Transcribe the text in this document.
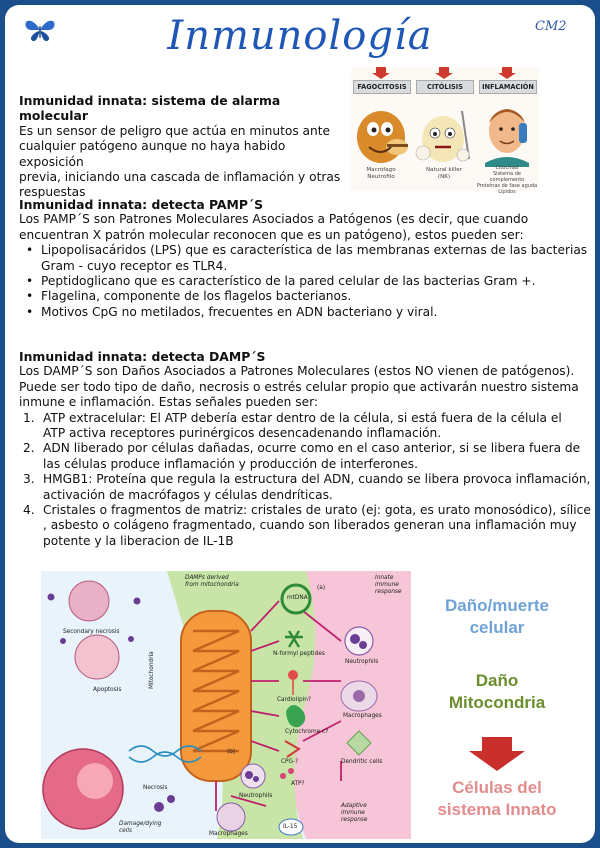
Inmunología	CM2
FAGOCITOSIS	CITÓLISIS	INFLAMACIÓN
Macrófago
Neutrófilo
Natural killer
(NK)
Citocinas
Sistema de complemento
Proteínas de fase aguda
Lípidos

Inmunidad innata: sistema de alarma molecular

Es un sensor de peligro que actúa en minutos ante

cualquier patógeno aunque no haya habido exposición

previa, iniciando una cascada de inflamación y otras

respuestas

Inmunidad innata: detecta PAMP´S

Los PAMP´S son Patrones Moleculares Asociados a Patógenos (es decir, que cuando

encuentran X patrón molecular reconocen que es un patógeno), estos pueden ser:

• Lipopolisacáridos (LPS) que es característica de las membranas externas de las bacterias
Gram - cuyo receptor es TLR4.
• Peptidoglicano que es característico de la pared celular de las bacterias Gram +.
• Flagelina, componente de los flagelos bacterianos.
• Motivos CpG no metilados, frecuentes en ADN bacteriano y viral.

Inmunidad innata: detecta DAMP´S

Los DAMP´S son Daños Asociados a Patrones Moleculares (estos NO vienen de patógenos).

Puede ser todo tipo de daño, necrosis o estrés celular propio que activarán nuestro sistema

inmune e inflamación. Estas señales pueden ser:

1. ATP extracelular: El ATP debería estar dentro de la célula, si está fuera de la célula el
ATP activa receptores purinérgicos desencadenando inflamación.
2. ADN liberado por células dañadas, ocurre como en el caso anterior, si se libera fuera de
las células produce inflamación y producción de interferones.
3. HMGB1: Proteína que regula la estructura del ADN, cuando se libera provoca inflamación,
activación de macrófagos y células dendríticas.
4. Cristales o fragmentos de matriz: cristales de urato (ej: gota, es urato monosódico), sílice
, asbesto o colágeno fragmentado, cuando son liberados generan una inflamación muy
potente y la liberacion de IL-1B
DAMPs derived
from mitochondria	(a)
(b)
Mitochondria
Secondary necrosis
Apoptosis
Necrosis
Damage/dying
cells
mtDNA
N-formyl peptides
Cardiolipin?
Cytochrome c?
CPG-?
ATP?
Innate
immune
response
Neutrophils
Macrophages
Dendritic cells
Adaptive
immune
response
Neutrophils
Macrophages
IL-15
Daño/muerte
celular
Daño
Mitocondria
Células del
sistema Innato
